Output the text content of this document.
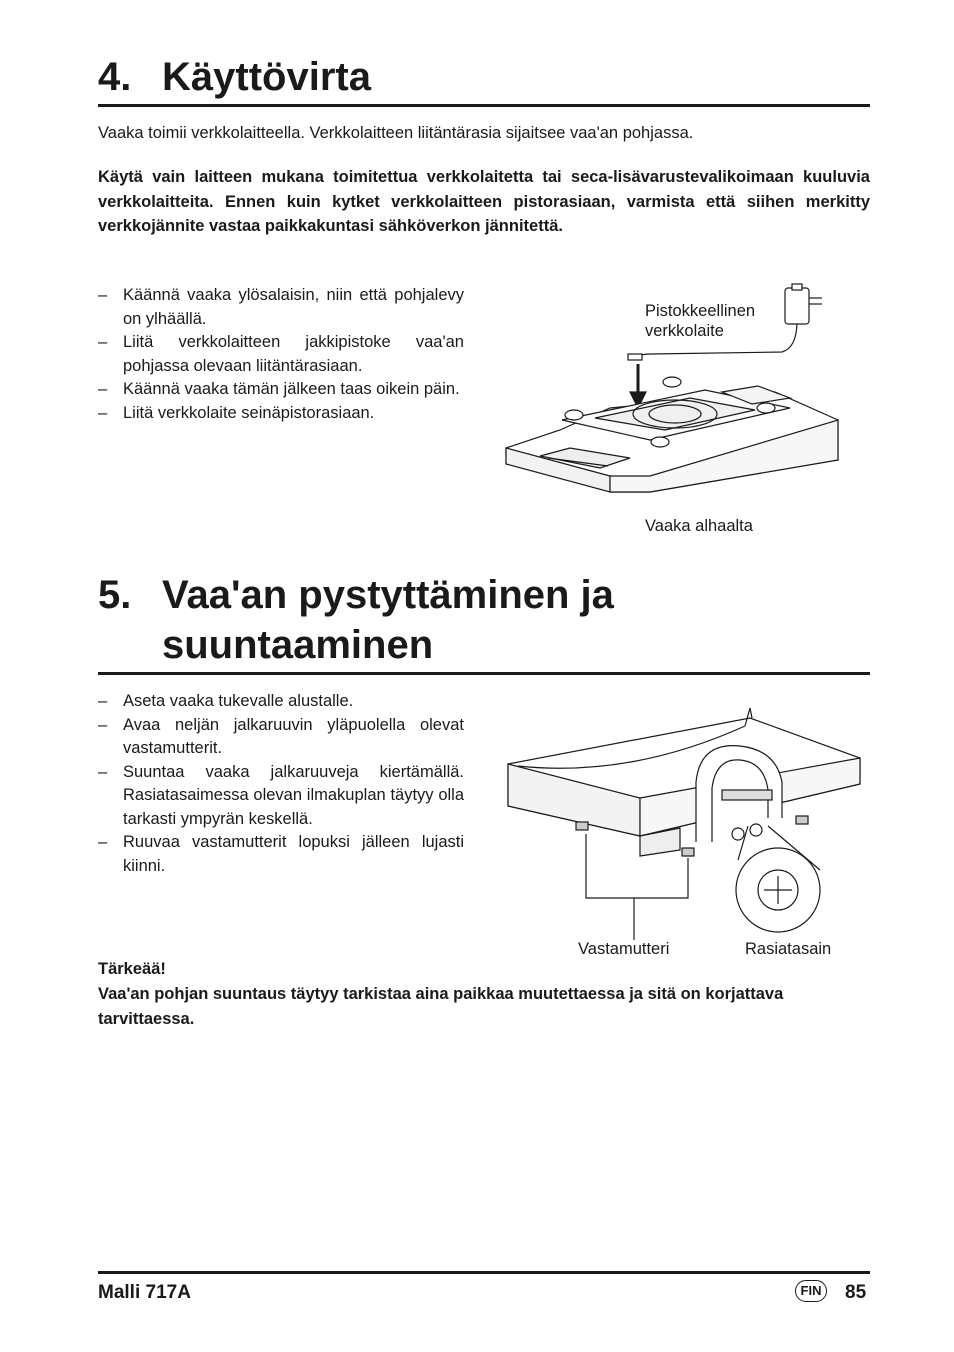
4. Käyttövirta

Vaaka toimii verkkolaitteella. Verkkolaitteen liitäntärasia sijaitsee vaa'an pohjassa.

Käytä vain laitteen mukana toimitettua verkkolaitetta tai seca-lisävarustevalikoimaan kuuluvia verkkolaitteita. Ennen kuin kytket verkkolaitteen pistorasiaan, varmista että siihen merkitty verkkojännite vastaa paikkakuntasi sähköverkon jännitettä.

– Käännä vaaka ylösalaisin, niin että pohjalevy on ylhäällä.
– Liitä verkkolaitteen jakkipistoke vaa'an pohjassa olevaan liitäntärasiaan.
– Käännä vaaka tämän jälkeen taas oikein päin.
– Liitä verkkolaite seinäpistorasiaan.
Pistokkeellinen verkkolaite
Vaaka alhaalta
5. Vaa'an pystyttäminen ja
suuntaaminen
– Aseta vaaka tukevalle alustalle.
– Avaa neljän jalkaruuvin yläpuolella olevat vastamutterit.
– Suuntaa vaaka jalkaruuveja kiertämällä. Rasiatasaimessa olevan ilmakuplan täytyy olla tarkasti ympyrän keskellä.
– Ruuvaa vastamutterit lopuksi jälleen lujasti kiinni.
Vastamutteri	Rasiatasain
Tärkeää!
Vaa'an pohjan suuntaus täytyy tarkistaa aina paikkaa muutettaessa ja sitä on korjattava tarvittaessa.
Malli 717A	FIN 85
